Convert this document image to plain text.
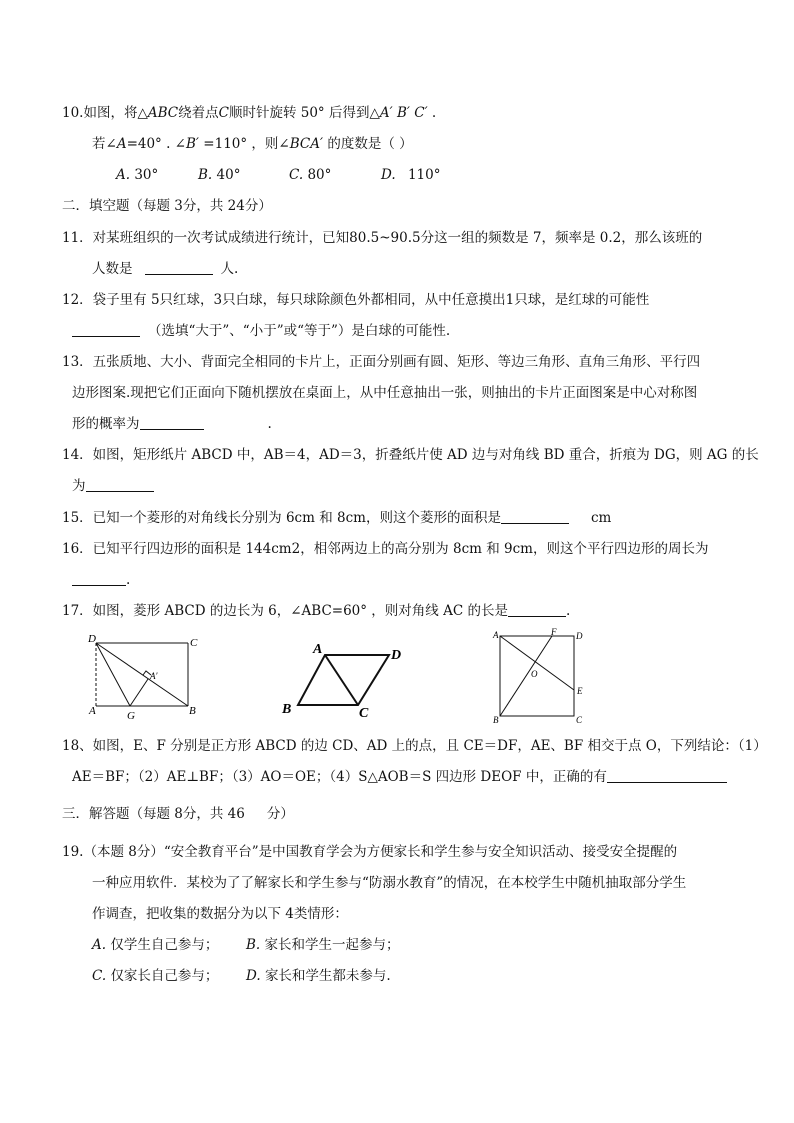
10.如图，将△ABC绕着点C顺时针旋转 50° 后得到△A′ B′ C′ .
若∠A=40° . ∠B′ =110° ，则∠BCA′ 的度数是（ ）
A. 30°	B. 40°	C. 80°	D. 110°
二．填空题（每题 3分，共 24分）
11．对某班组织的一次考试成绩进行统计，已知80.5~90.5分这一组的频数是 7，频率是 0.2，那么该班的
人数是	人.
12．袋子里有 5只红球，3只白球，每只球除颜色外都相同，从中任意摸出1只球，是红球的可能性
（选填“大于”、“小于”或“等于”）是白球的可能性.
13．五张质地、大小、背面完全相同的卡片上，正面分别画有圆、矩形、等边三角形、直角三角形、平行四
边形图案.现把它们正面向下随机摆放在桌面上，从中任意抽出一张，则抽出的卡片正面图案是中心对称图
形的概率为	.
14．如图，矩形纸片 ABCD 中，AB＝4，AD＝3，折叠纸片使 AD 边与对角线 BD 重合，折痕为 DG，则 AG 的长
为
15．已知一个菱形的对角线长分别为 6cm 和 8cm，则这个菱形的面积是	cm
16．已知平行四边形的面积是 144cm2，相邻两边上的高分别为 8cm 和 9cm，则这个平行四边形的周长为
.
17．如图，菱形 ABCD 的边长为 6，∠ABC=60° ，则对角线 AC 的长是	.
D	C
A	G	B
A′
A	D
B	C
A	F D
O
E
B	C
18、如图，E、F 分别是正方形 ABCD 的边 CD、AD 上的点，且 CE＝DF，AE、BF 相交于点 O，下列结论：（1）
AE＝BF；（2）AE⊥BF；（3）AO＝OE；（4）S△AOB＝S 四边形 DEOF 中，正确的有
三．解答题（每题 8分，共 46 分）
19.（本题 8分）“安全教育平台”是中国教育学会为方便家长和学生参与安全知识活动、接受安全提醒的
一种应用软件．某校为了了解家长和学生参与“防溺水教育”的情况，在本校学生中随机抽取部分学生
作调查，把收集的数据分为以下 4类情形：
A. 仅学生自己参与； B. 家长和学生一起参与；
C. 仅家长自己参与； D. 家长和学生都未参与.
